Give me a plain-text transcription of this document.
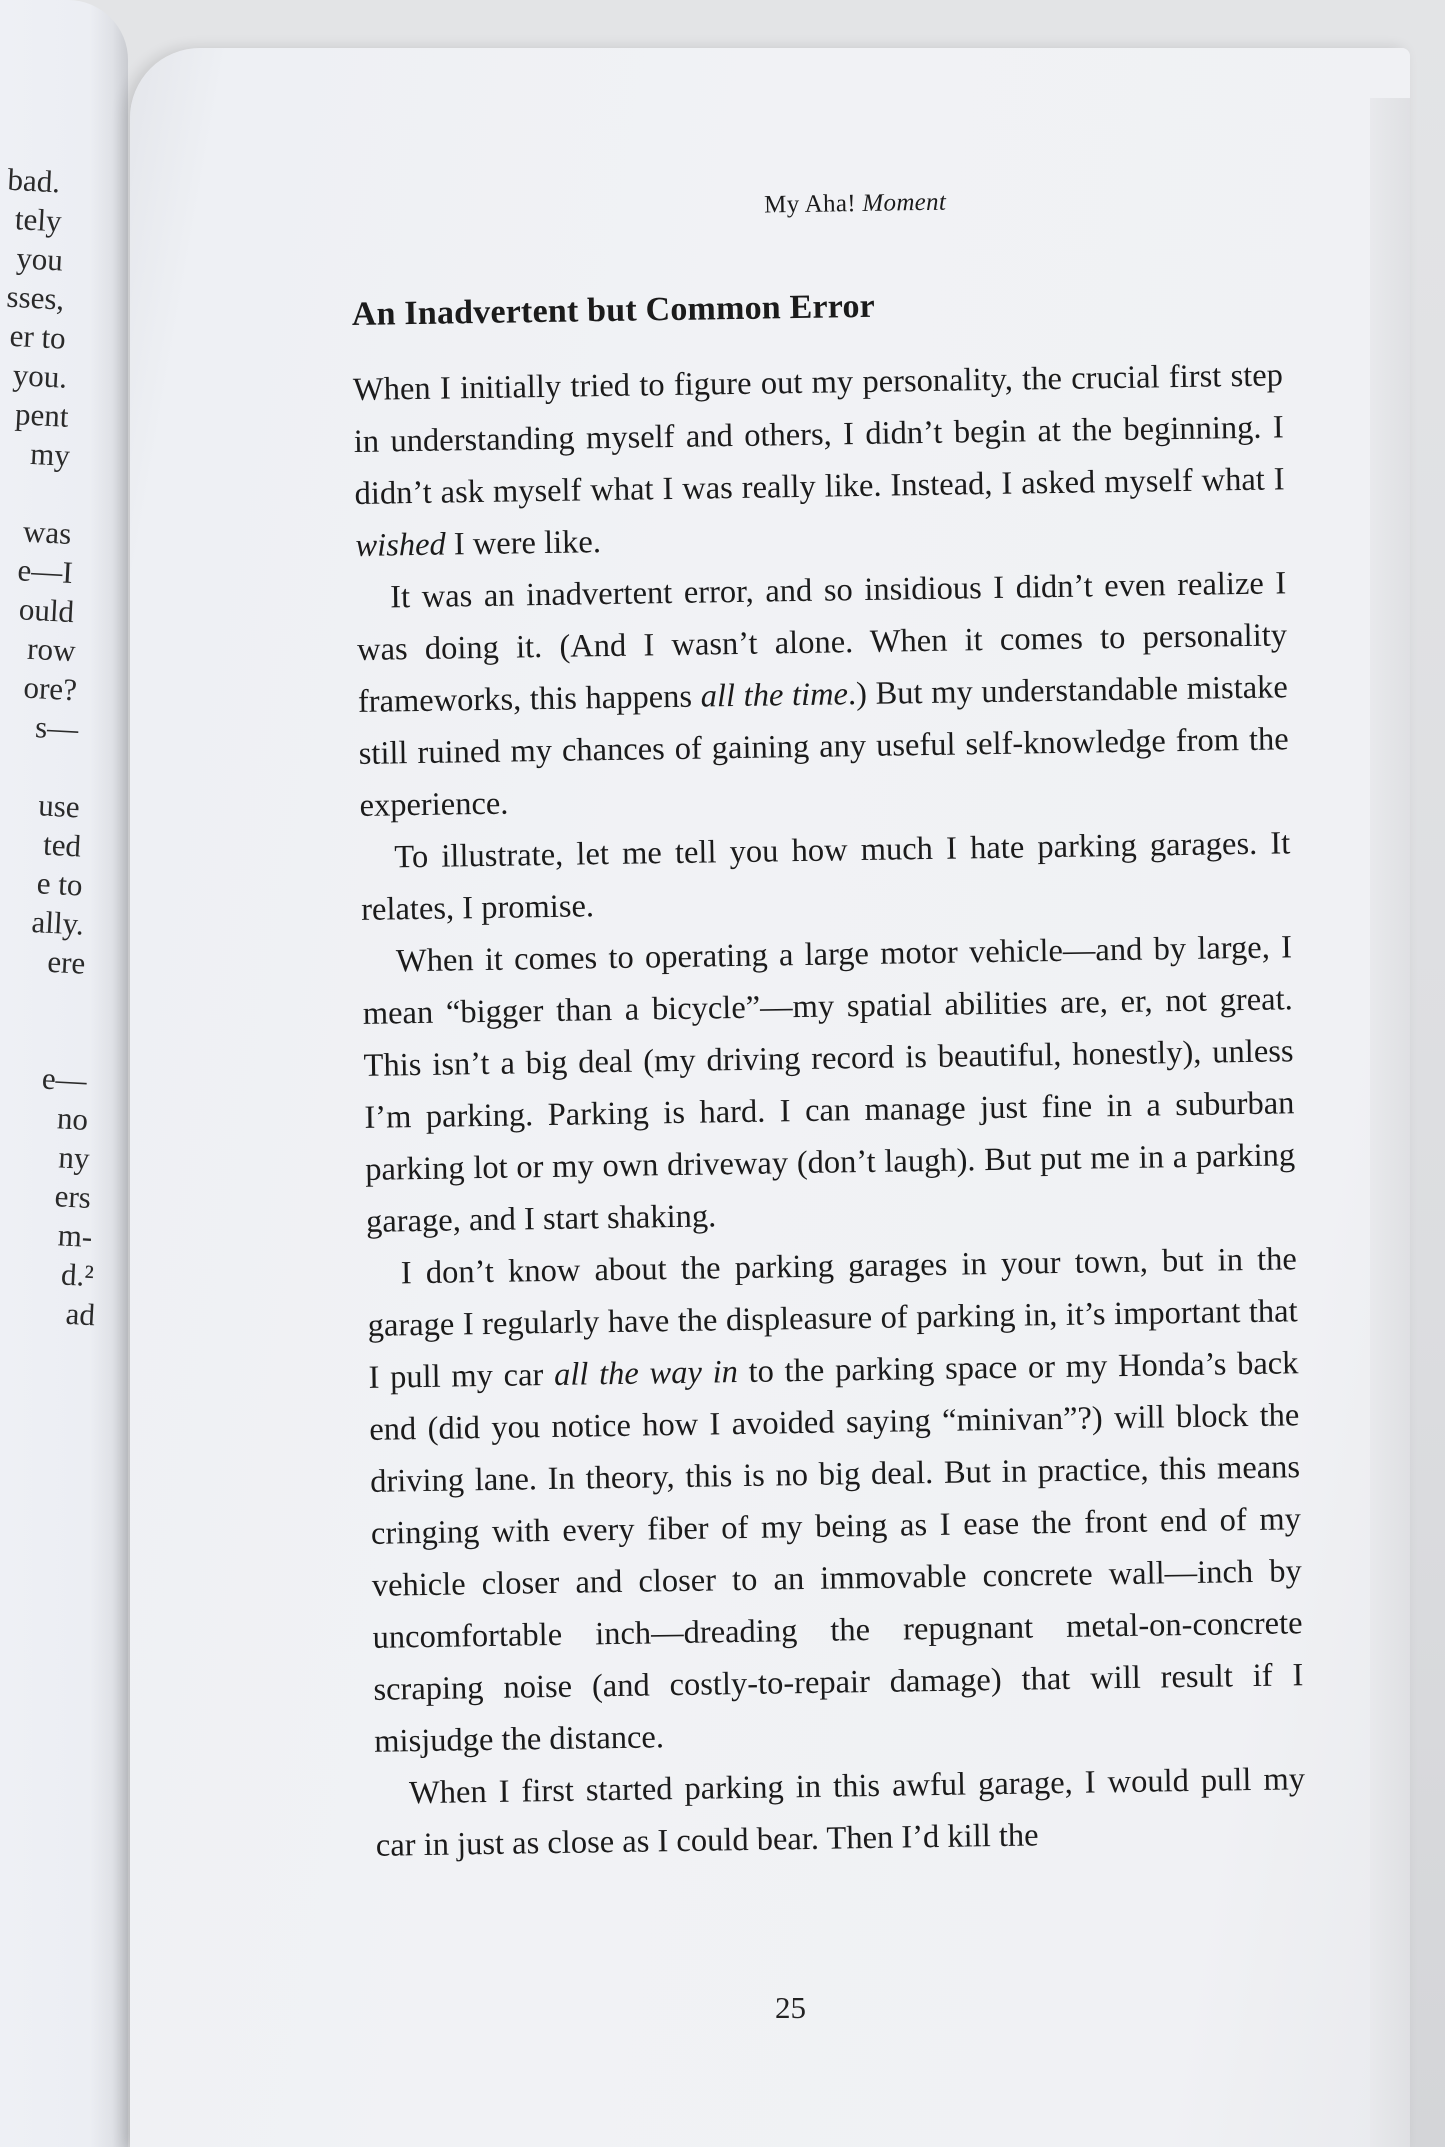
bad.
tely
you
sses,
er to
you.
pent
my
was
e—I
ould
row
ore?
s—
use
ted
e to
ally.
ere
e—
no
ny
ers
m-
d.²
ad
My Aha! Moment
An Inadvertent but Common Error

When I initially tried to figure out my personality, the crucial first step in understanding myself and others, I didn’t begin at the beginning. I didn’t ask myself what I was really like. Instead, I asked myself what I wished I were like.

It was an inadvertent error, and so insidious I didn’t even realize I was doing it. (And I wasn’t alone. When it comes to personality frameworks, this happens all the time.) But my understandable mistake still ruined my chances of gaining any useful self-knowledge from the experience.

To illustrate, let me tell you how much I hate parking garages. It relates, I promise.

When it comes to operating a large motor vehicle—and by large, I mean “bigger than a bicycle”—my spatial abilities are, er, not great. This isn’t a big deal (my driving record is beautiful, honestly), unless I’m parking. Parking is hard. I can manage just fine in a suburban parking lot or my own driveway (don’t laugh). But put me in a parking garage, and I start shaking.

I don’t know about the parking garages in your town, but in the garage I regularly have the displeasure of parking in, it’s important that I pull my car all the way in to the parking space or my Honda’s back end (did you notice how I avoided saying “minivan”?) will block the driving lane. In theory, this is no big deal. But in practice, this means cringing with every fiber of my being as I ease the front end of my vehicle closer and closer to an immovable concrete wall—inch by uncomfortable inch—dreading the repugnant metal-on-concrete scraping noise (and costly-to-repair damage) that will result if I misjudge the distance.

When I first started parking in this awful garage, I would pull my car in just as close as I could bear. Then I’d kill the

25
